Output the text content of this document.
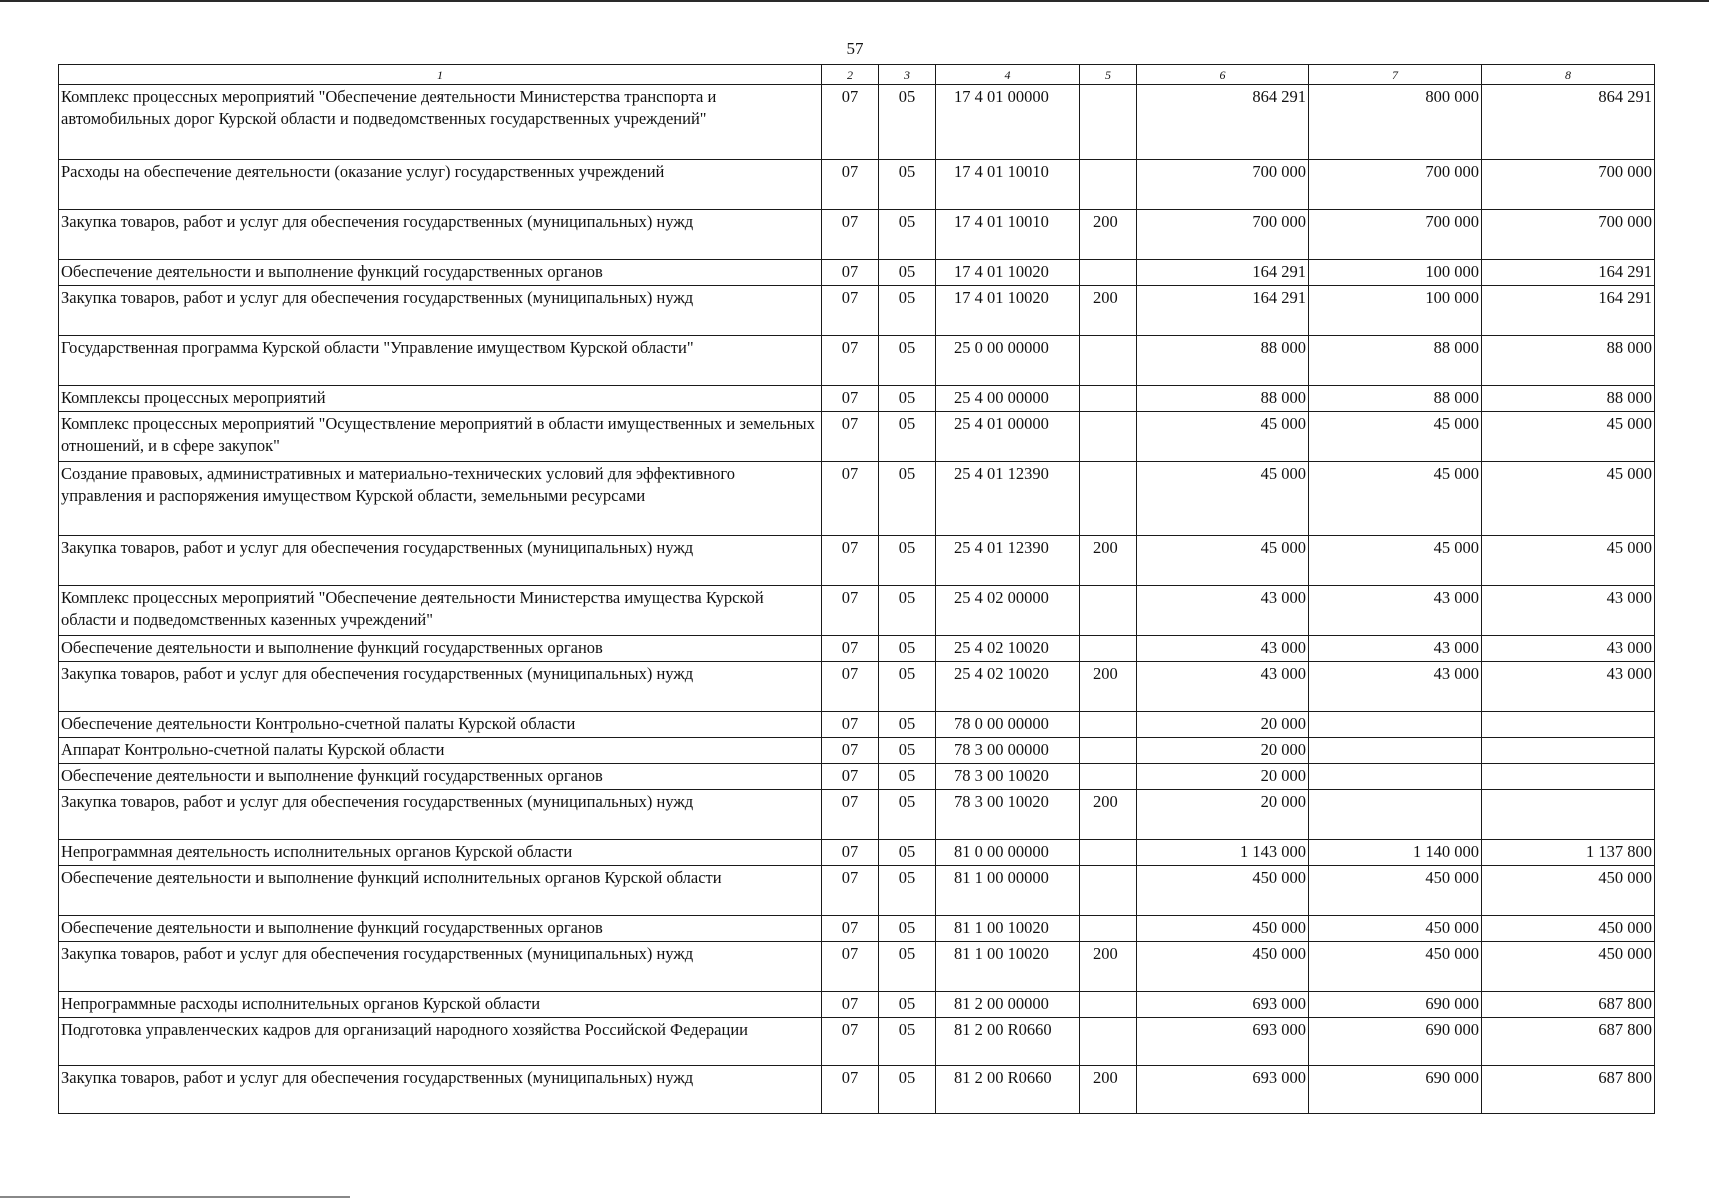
57
1	2	3	4	5	6	7	8
Комплекс процессных мероприятий "Обеспечение деятельности Министерства транспорта и автомобильных дорог Курской области и подведомственных государственных учреждений"	07	05	17 4 01 00000		864 291	800 000	864 291
Расходы на обеспечение деятельности (оказание услуг) государственных учреждений	07	05	17 4 01 10010		700 000	700 000	700 000
Закупка товаров, работ и услуг для обеспечения государственных (муниципальных) нужд	07	05	17 4 01 10010	200	700 000	700 000	700 000
Обеспечение деятельности и выполнение функций государственных органов	07	05	17 4 01 10020		164 291	100 000	164 291
Закупка товаров, работ и услуг для обеспечения государственных (муниципальных) нужд	07	05	17 4 01 10020	200	164 291	100 000	164 291
Государственная программа Курской области "Управление имуществом Курской области"	07	05	25 0 00 00000		88 000	88 000	88 000
Комплексы процессных мероприятий	07	05	25 4 00 00000		88 000	88 000	88 000
Комплекс процессных мероприятий "Осуществление мероприятий в области имущественных и земельных отношений, и в сфере закупок"	07	05	25 4 01 00000		45 000	45 000	45 000
Создание правовых, административных и материально-технических условий для эффективного управления и распоряжения имуществом Курской области, земельными ресурсами	07	05	25 4 01 12390		45 000	45 000	45 000
Закупка товаров, работ и услуг для обеспечения государственных (муниципальных) нужд	07	05	25 4 01 12390	200	45 000	45 000	45 000
Комплекс процессных мероприятий "Обеспечение деятельности Министерства имущества Курской области и подведомственных казенных учреждений"	07	05	25 4 02 00000		43 000	43 000	43 000
Обеспечение деятельности и выполнение функций государственных органов	07	05	25 4 02 10020		43 000	43 000	43 000
Закупка товаров, работ и услуг для обеспечения государственных (муниципальных) нужд	07	05	25 4 02 10020	200	43 000	43 000	43 000
Обеспечение деятельности Контрольно-счетной палаты Курской области	07	05	78 0 00 00000		20 000		
Аппарат Контрольно-счетной палаты Курской области	07	05	78 3 00 00000		20 000		
Обеспечение деятельности и выполнение функций государственных органов	07	05	78 3 00 10020		20 000		
Закупка товаров, работ и услуг для обеспечения государственных (муниципальных) нужд	07	05	78 3 00 10020	200	20 000		
Непрограммная деятельность исполнительных органов Курской области	07	05	81 0 00 00000		1 143 000	1 140 000	1 137 800
Обеспечение деятельности и выполнение функций исполнительных органов Курской области	07	05	81 1 00 00000		450 000	450 000	450 000
Обеспечение деятельности и выполнение функций государственных органов	07	05	81 1 00 10020		450 000	450 000	450 000
Закупка товаров, работ и услуг для обеспечения государственных (муниципальных) нужд	07	05	81 1 00 10020	200	450 000	450 000	450 000
Непрограммные расходы исполнительных органов Курской области	07	05	81 2 00 00000		693 000	690 000	687 800
Подготовка управленческих кадров для организаций народного хозяйства Российской Федерации	07	05	81 2 00 R0660		693 000	690 000	687 800
Закупка товаров, работ и услуг для обеспечения государственных (муниципальных) нужд	07	05	81 2 00 R0660	200	693 000	690 000	687 800
